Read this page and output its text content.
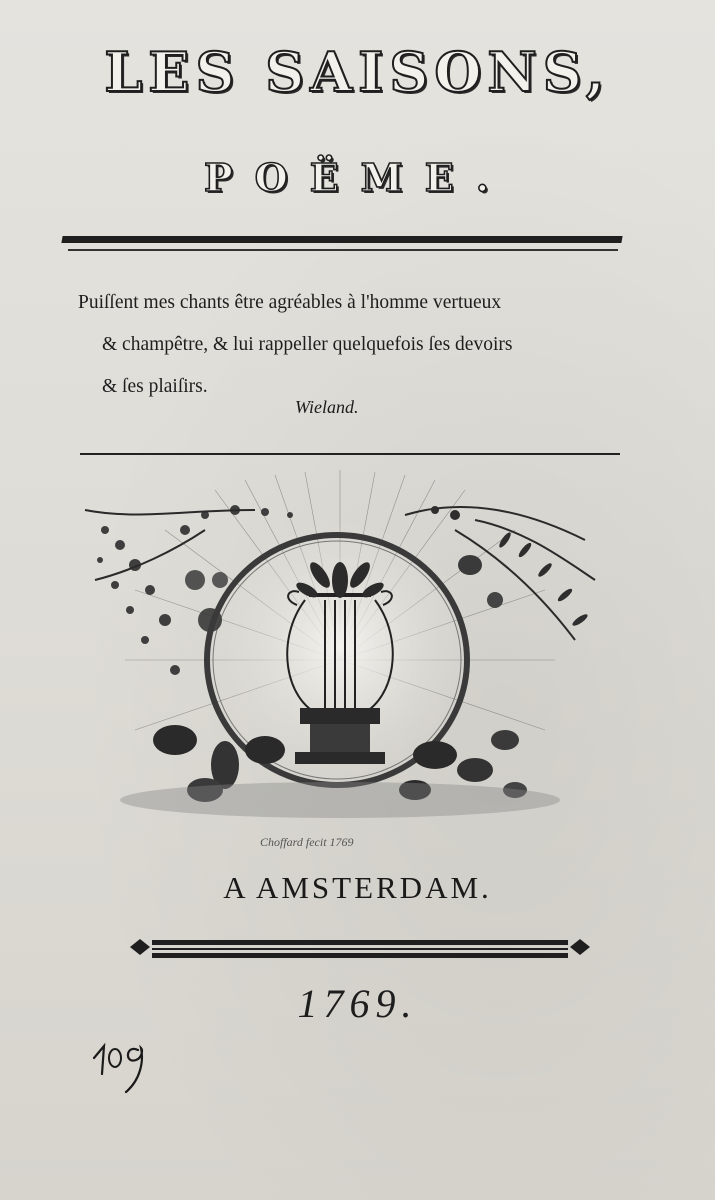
LES SAISONS,
POËME.
Puiſſent mes chants être agréables à l'homme vertueux
& champêtre, & lui rappeller quelquefois ſes devoirs
& ſes plaiſirs.
Wieland.
Choffard fecit 1769
A AMSTERDAM.
1769.
